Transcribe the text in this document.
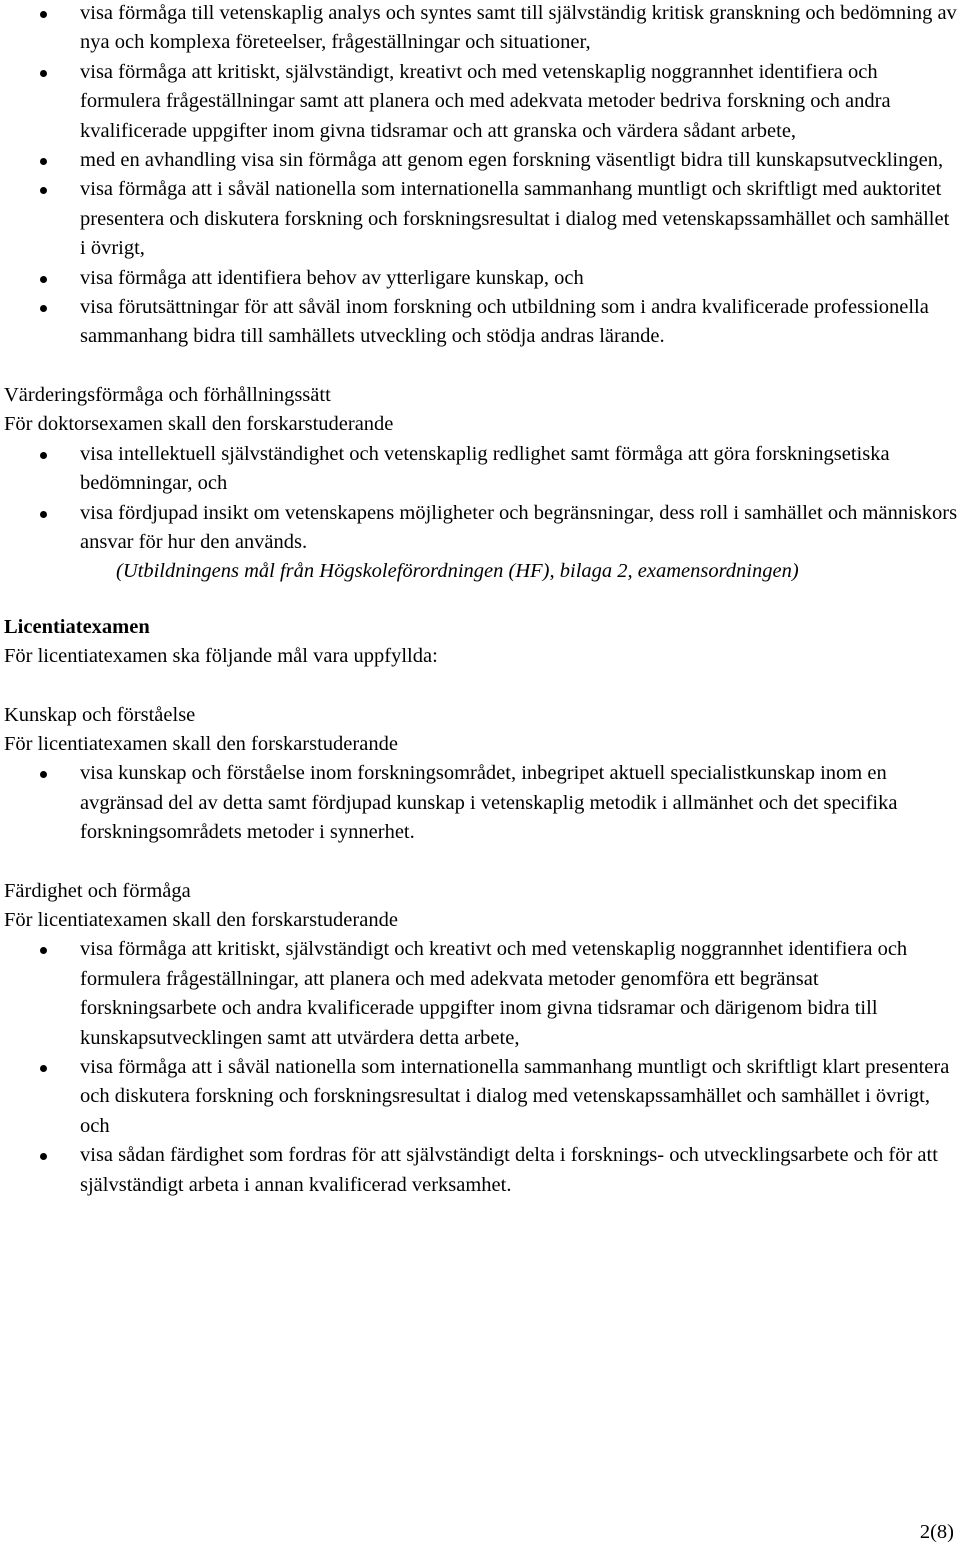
visa förmåga till vetenskaplig analys och syntes samt till självständig kritisk granskning och bedömning av nya och komplexa företeelser, frågeställningar och situationer,
visa förmåga att kritiskt, självständigt, kreativt och med vetenskaplig noggrannhet identifiera och formulera frågeställningar samt att planera och med adekvata metoder bedriva forskning och andra kvalificerade uppgifter inom givna tidsramar och att granska och värdera sådant arbete,
med en avhandling visa sin förmåga att genom egen forskning väsentligt bidra till kunskapsutvecklingen,
visa förmåga att i såväl nationella som internationella sammanhang muntligt och skriftligt med auktoritet presentera och diskutera forskning och forskningsresultat i dialog med vetenskapssamhället och samhället i övrigt,
visa förmåga att identifiera behov av ytterligare kunskap, och
visa förutsättningar för att såväl inom forskning och utbildning som i andra kvalificerade professionella sammanhang bidra till samhällets utveckling och stödja andras lärande.

Värderingsförmåga och förhållningssätt

För doktorsexamen skall den forskarstuderande

visa intellektuell självständighet och vetenskaplig redlighet samt förmåga att göra forskningsetiska bedömningar, och
visa fördjupad insikt om vetenskapens möjligheter och begränsningar, dess roll i samhället och människors ansvar för hur den används.

(Utbildningens mål från Högskoleförordningen (HF), bilaga 2, examensordningen)

Licentiatexamen

För licentiatexamen ska följande mål vara uppfyllda:

Kunskap och förståelse

För licentiatexamen skall den forskarstuderande

visa kunskap och förståelse inom forskningsområdet, inbegripet aktuell specialistkunskap inom en avgränsad del av detta samt fördjupad kunskap i vetenskaplig metodik i allmänhet och det specifika forskningsområdets metoder i synnerhet.

Färdighet och förmåga

För licentiatexamen skall den forskarstuderande

visa förmåga att kritiskt, självständigt och kreativt och med vetenskaplig noggrannhet identifiera och formulera frågeställningar, att planera och med adekvata metoder genomföra ett begränsat forskningsarbete och andra kvalificerade uppgifter inom givna tidsramar och därigenom bidra till kunskapsutvecklingen samt att utvärdera detta arbete,
visa förmåga att i såväl nationella som internationella sammanhang muntligt och skriftligt klart presentera och diskutera forskning och forskningsresultat i dialog med vetenskapssamhället och samhället i övrigt, och
visa sådan färdighet som fordras för att självständigt delta i forsknings- och utvecklingsarbete och för att självständigt arbeta i annan kvalificerad verksamhet.
2(8)
